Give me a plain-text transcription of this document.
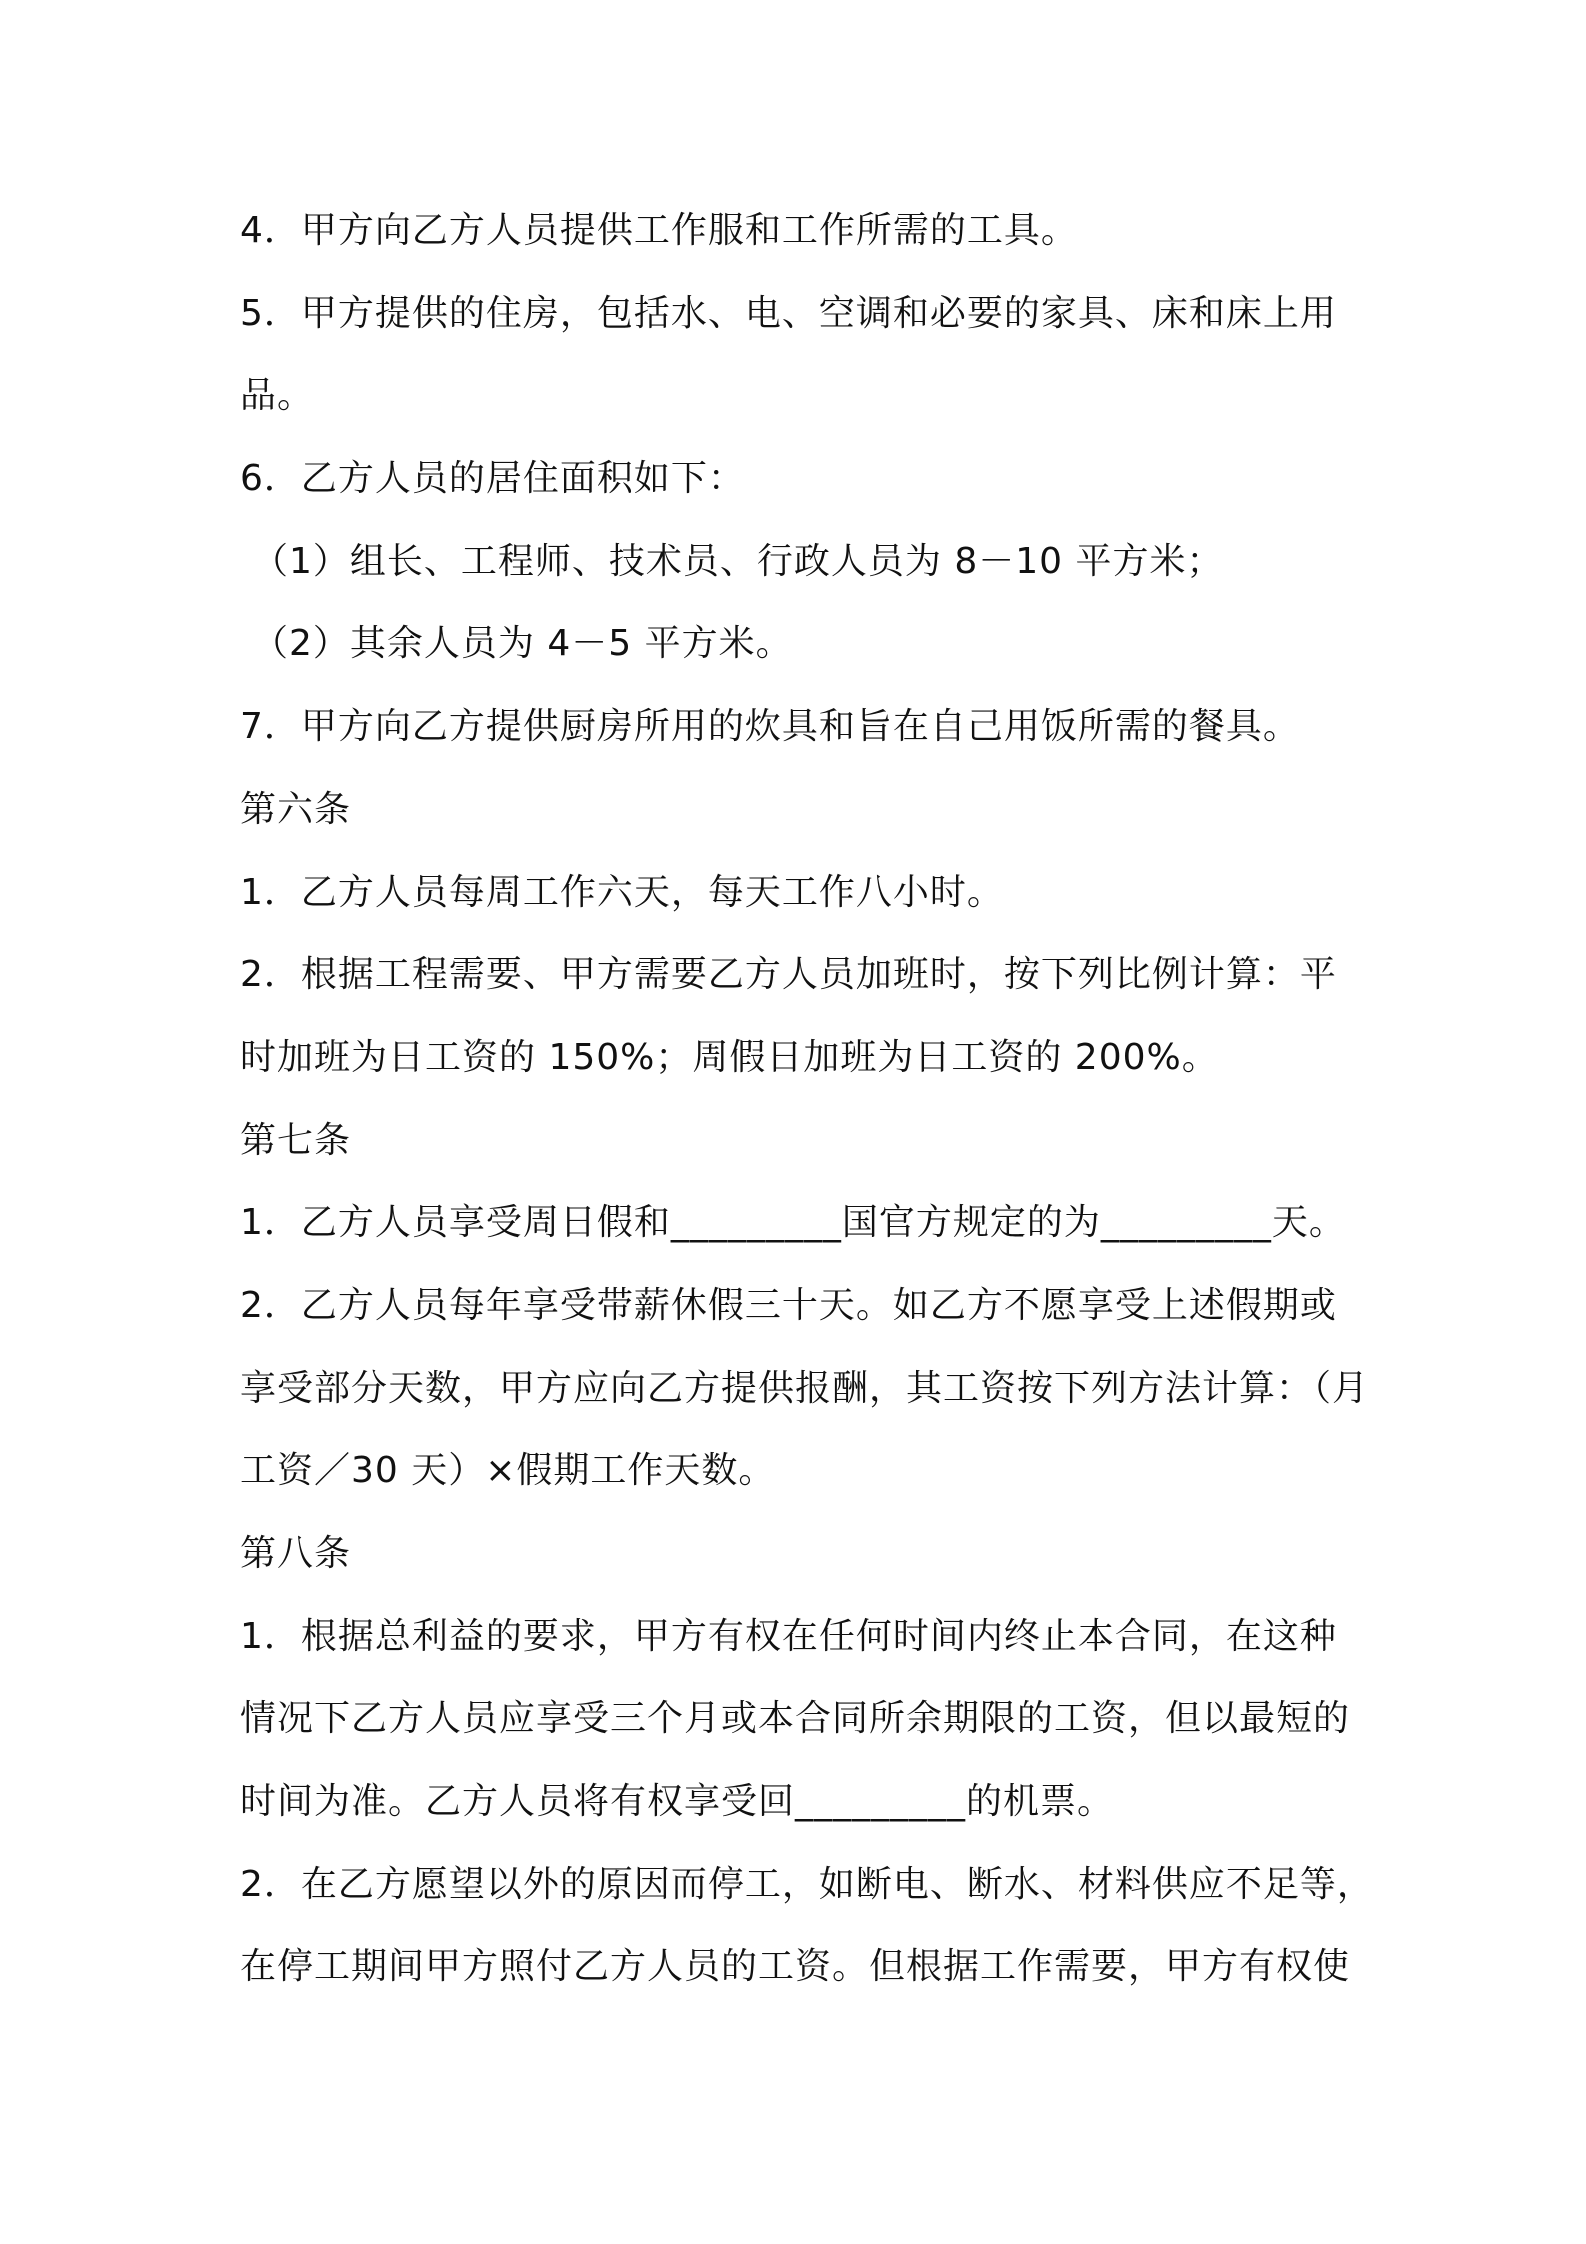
4．甲方向乙方人员提供工作服和工作所需的工具。
5．甲方提供的住房，包括水、电、空调和必要的家具、床和床上用
品。
6．乙方人员的居住面积如下：
（1）组长、工程师、技术员、行政人员为 8－10 平方米；
（2）其余人员为 4－5 平方米。
7．甲方向乙方提供厨房所用的炊具和旨在自己用饭所需的餐具。
第六条
1．乙方人员每周工作六天，每天工作八小时。
2．根据工程需要、甲方需要乙方人员加班时，按下列比例计算：平
时加班为日工资的 150%；周假日加班为日工资的 200%。
第七条
1．乙方人员享受周日假和_________国官方规定的为_________天。
2．乙方人员每年享受带薪休假三十天。如乙方不愿享受上述假期或
享受部分天数，甲方应向乙方提供报酬，其工资按下列方法计算：（月
工资／30 天）×假期工作天数。
第八条
1．根据总利益的要求，甲方有权在任何时间内终止本合同，在这种
情况下乙方人员应享受三个月或本合同所余期限的工资，但以最短的
时间为准。乙方人员将有权享受回_________的机票。
2．在乙方愿望以外的原因而停工，如断电、断水、材料供应不足等，
在停工期间甲方照付乙方人员的工资。但根据工作需要，甲方有权使
